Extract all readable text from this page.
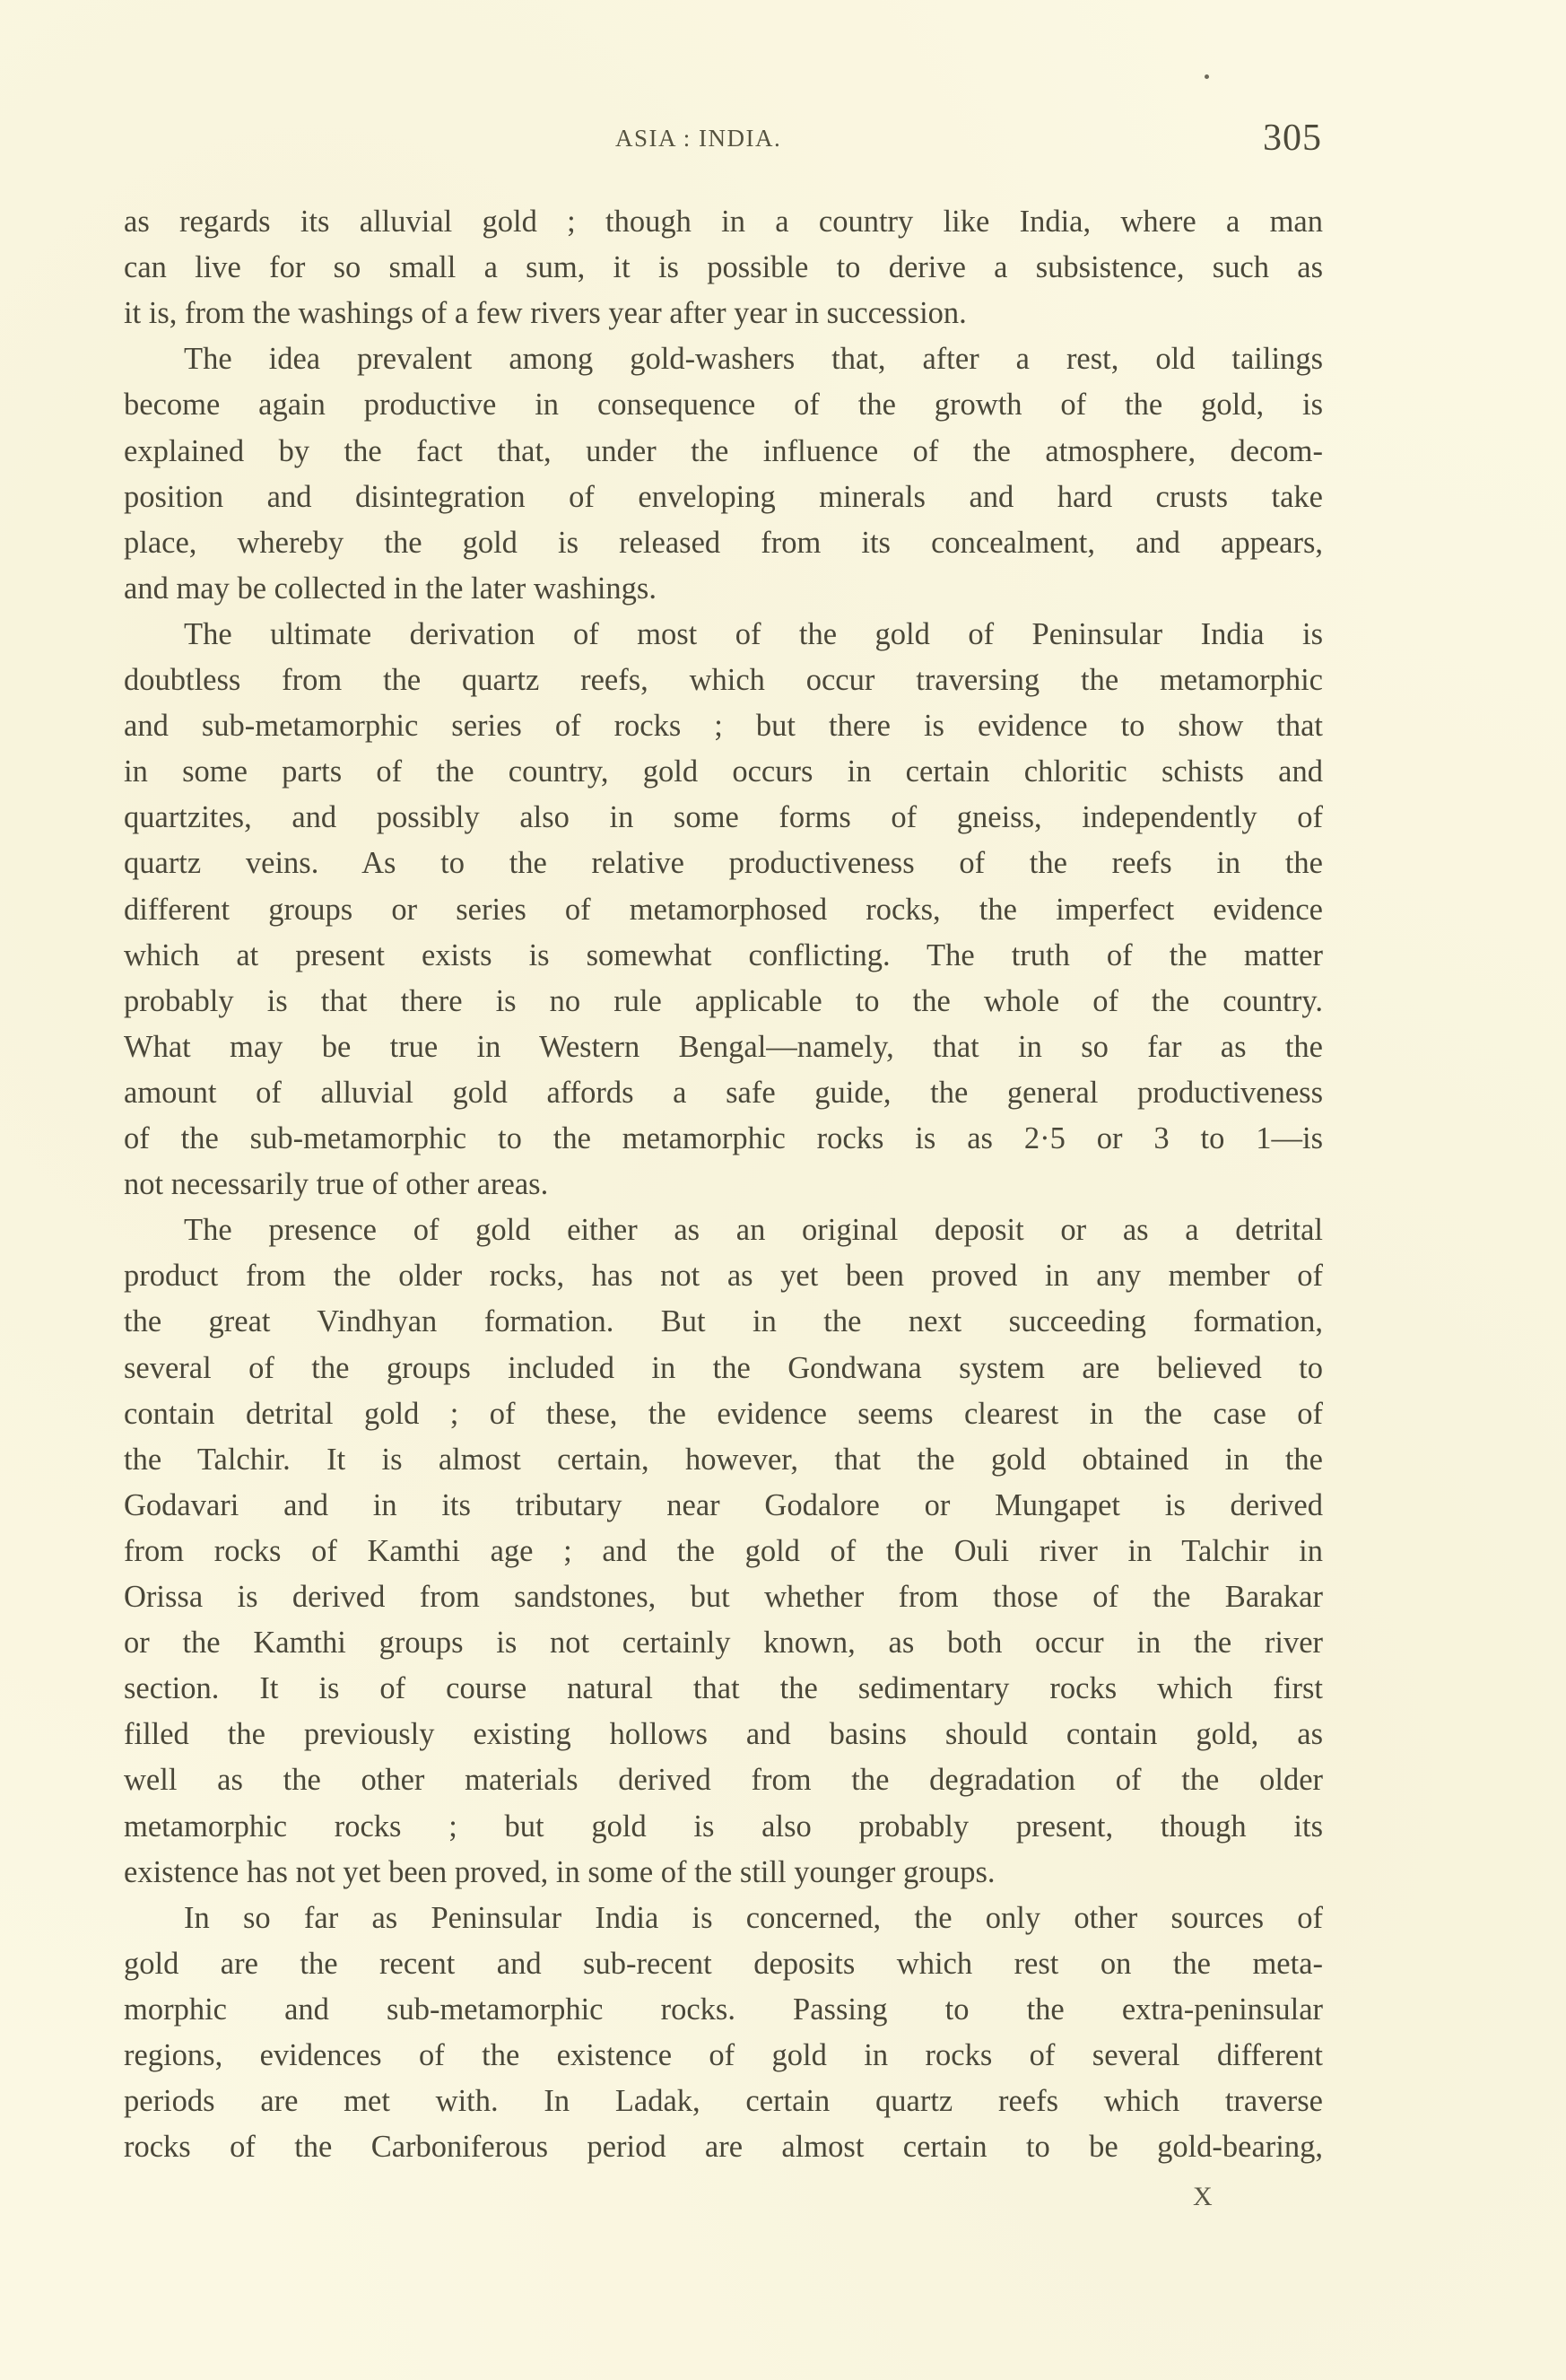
ASIA : INDIA.	305
as regards its alluvial gold ; though in a country like India, where a man
can live for so small a sum, it is possible to derive a subsistence, such as
it is, from the washings of a few rivers year after year in succession.
The idea prevalent among gold-washers that, after a rest, old tailings
become again productive in consequence of the growth of the gold, is
explained by the fact that, under the influence of the atmosphere, decom-
position and disintegration of enveloping minerals and hard crusts take
place, whereby the gold is released from its concealment, and appears,
and may be collected in the later washings.
The ultimate derivation of most of the gold of Peninsular India is
doubtless from the quartz reefs, which occur traversing the metamorphic
and sub-metamorphic series of rocks ; but there is evidence to show that
in some parts of the country, gold occurs in certain chloritic schists and
quartzites, and possibly also in some forms of gneiss, independently of
quartz veins. As to the relative productiveness of the reefs in the
different groups or series of metamorphosed rocks, the imperfect evidence
which at present exists is somewhat conflicting. The truth of the matter
probably is that there is no rule applicable to the whole of the country.
What may be true in Western Bengal—namely, that in so far as the
amount of alluvial gold affords a safe guide, the general productiveness
of the sub-metamorphic to the metamorphic rocks is as 2·5 or 3 to 1—is
not necessarily true of other areas.
The presence of gold either as an original deposit or as a detrital
product from the older rocks, has not as yet been proved in any member of
the great Vindhyan formation. But in the next succeeding formation,
several of the groups included in the Gondwana system are believed to
contain detrital gold ; of these, the evidence seems clearest in the case of
the Talchir. It is almost certain, however, that the gold obtained in the
Godavari and in its tributary near Godalore or Mungapet is derived
from rocks of Kamthi age ; and the gold of the Ouli river in Talchir in
Orissa is derived from sandstones, but whether from those of the Barakar
or the Kamthi groups is not certainly known, as both occur in the river
section. It is of course natural that the sedimentary rocks which first
filled the previously existing hollows and basins should contain gold, as
well as the other materials derived from the degradation of the older
metamorphic rocks ; but gold is also probably present, though its
existence has not yet been proved, in some of the still younger groups.
In so far as Peninsular India is concerned, the only other sources of
gold are the recent and sub-recent deposits which rest on the meta-
morphic and sub-metamorphic rocks. Passing to the extra-peninsular
regions, evidences of the existence of gold in rocks of several different
periods are met with. In Ladak, certain quartz reefs which traverse
rocks of the Carboniferous period are almost certain to be gold-bearing,
X
